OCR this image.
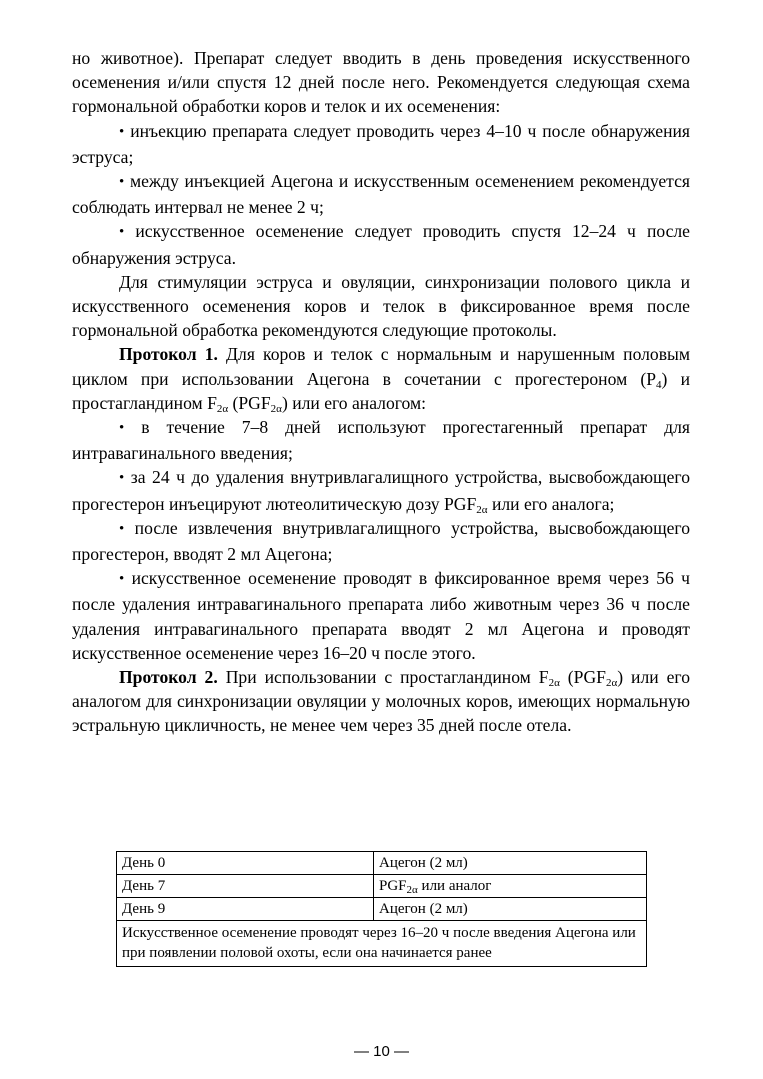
но животное). Препарат следует вводить в день проведения искусственного осеменения и/или спустя 12 дней после него. Рекомендуется следующая схема гормональной обработки коров и телок и их осеменения:

• инъекцию препарата следует проводить через 4–10 ч после обнаружения эструса;

• между инъекцией Ацегона и искусственным осеменением рекомендуется соблюдать интервал не менее 2 ч;

• искусственное осеменение следует проводить спустя 12–24 ч после обнаружения эструса.

Для стимуляции эструса и овуляции, синхронизации полового цикла и искусственного осеменения коров и телок в фиксированное время после гормональной обработка рекомендуются следующие протоколы.

Протокол 1. Для коров и телок с нормальным и нарушенным половым циклом при использовании Ацегона в сочетании с прогестероном $(P_4)$ и простагландином $F_{2\alpha}$ $(PGF_{2\alpha})$ или его аналогом:

• в течение 7–8 дней используют прогестагенный препарат для интравагинального введения;

• за 24 ч до удаления внутривлагалищного устройства, высвобождающего прогестерон инъецируют лютеолитическую дозу $PGF_{2\alpha}$ или его аналога;

• после извлечения внутривлагалищного устройства, высвобождающего прогестерон, вводят 2 мл Ацегона;

• искусственное осеменение проводят в фиксированное время через 56 ч после удаления интравагинального препарата либо животным через 36 ч после удаления интравагинального препарата вводят 2 мл Ацегона и проводят искусственное осеменение через 16–20 ч после этого.

Протокол 2. При использовании с простагландином $F_{2\alpha}$ $(PGF_{2\alpha})$ или его аналогом для синхронизации овуляции у молочных коров, имеющих нормальную эстральную цикличность, не менее чем через 35 дней после отела.

День 0	Ацегон (2 мл)
День 7	$PGF_{2\alpha}$ или аналог
День 9	Ацегон (2 мл)
Искусственное осеменение проводят через 16–20 ч после введения Ацегона или при появлении половой охоты, если она начинается ранее	
— 10 —
